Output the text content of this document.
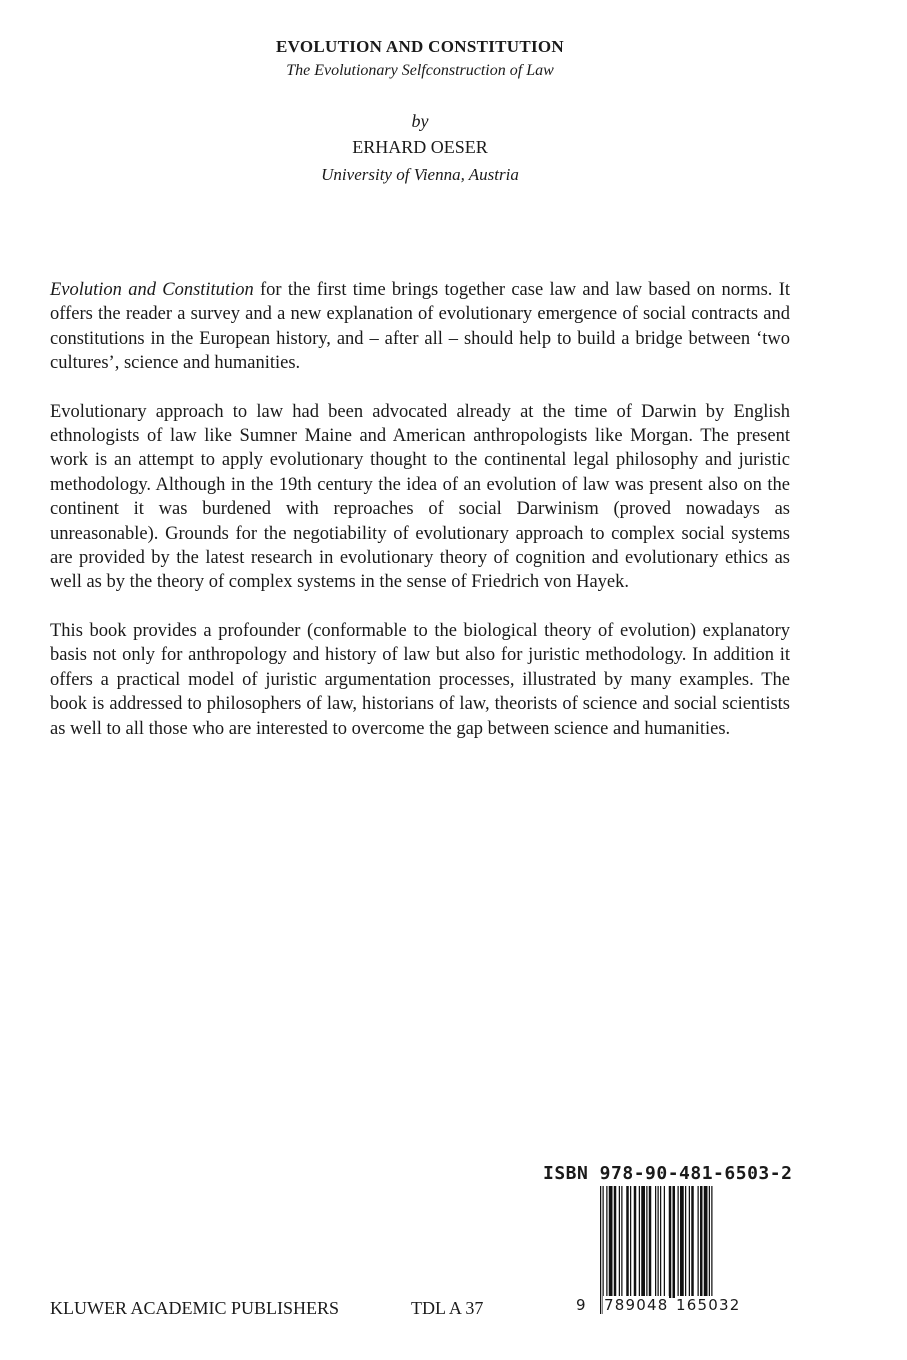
EVOLUTION AND CONSTITUTION
The Evolutionary Selfconstruction of Law
by
ERHARD OESER
University of Vienna, Austria

Evolution and Constitution for the first time brings together case law and law based on norms. It offers the reader a survey and a new explanation of evolutionary emergence of social contracts and constitutions in the European history, and – after all – should help to build a bridge between ‘two cultures’, science and humanities.

Evolutionary approach to law had been advocated already at the time of Darwin by English ethnologists of law like Sumner Maine and American anthropologists like Morgan. The present work is an attempt to apply evolutionary thought to the continental legal philosophy and juristic methodology. Although in the 19th century the idea of an evolution of law was present also on the continent it was burdened with reproaches of social Darwinism (proved nowadays as unreasonable). Grounds for the negotiability of evolutionary approach to complex social systems are provided by the latest research in evolutionary theory of cognition and evolutionary ethics as well as by the theory of complex systems in the sense of Friedrich von Hayek.

This book provides a profounder (conformable to the biological theory of evolution) explanatory basis not only for anthropology and history of law but also for juristic methodology. In addition it offers a practical model of juristic argumentation processes, illustrated by many examples. The book is addressed to philosophers of law, historians of law, theorists of science and social scientists as well to all those who are interested to overcome the gap between science and humanities.

ISBN 978-90-481-6503-2
9 789048 165032
KLUWER ACADEMIC PUBLISHERS	TDL A 37
